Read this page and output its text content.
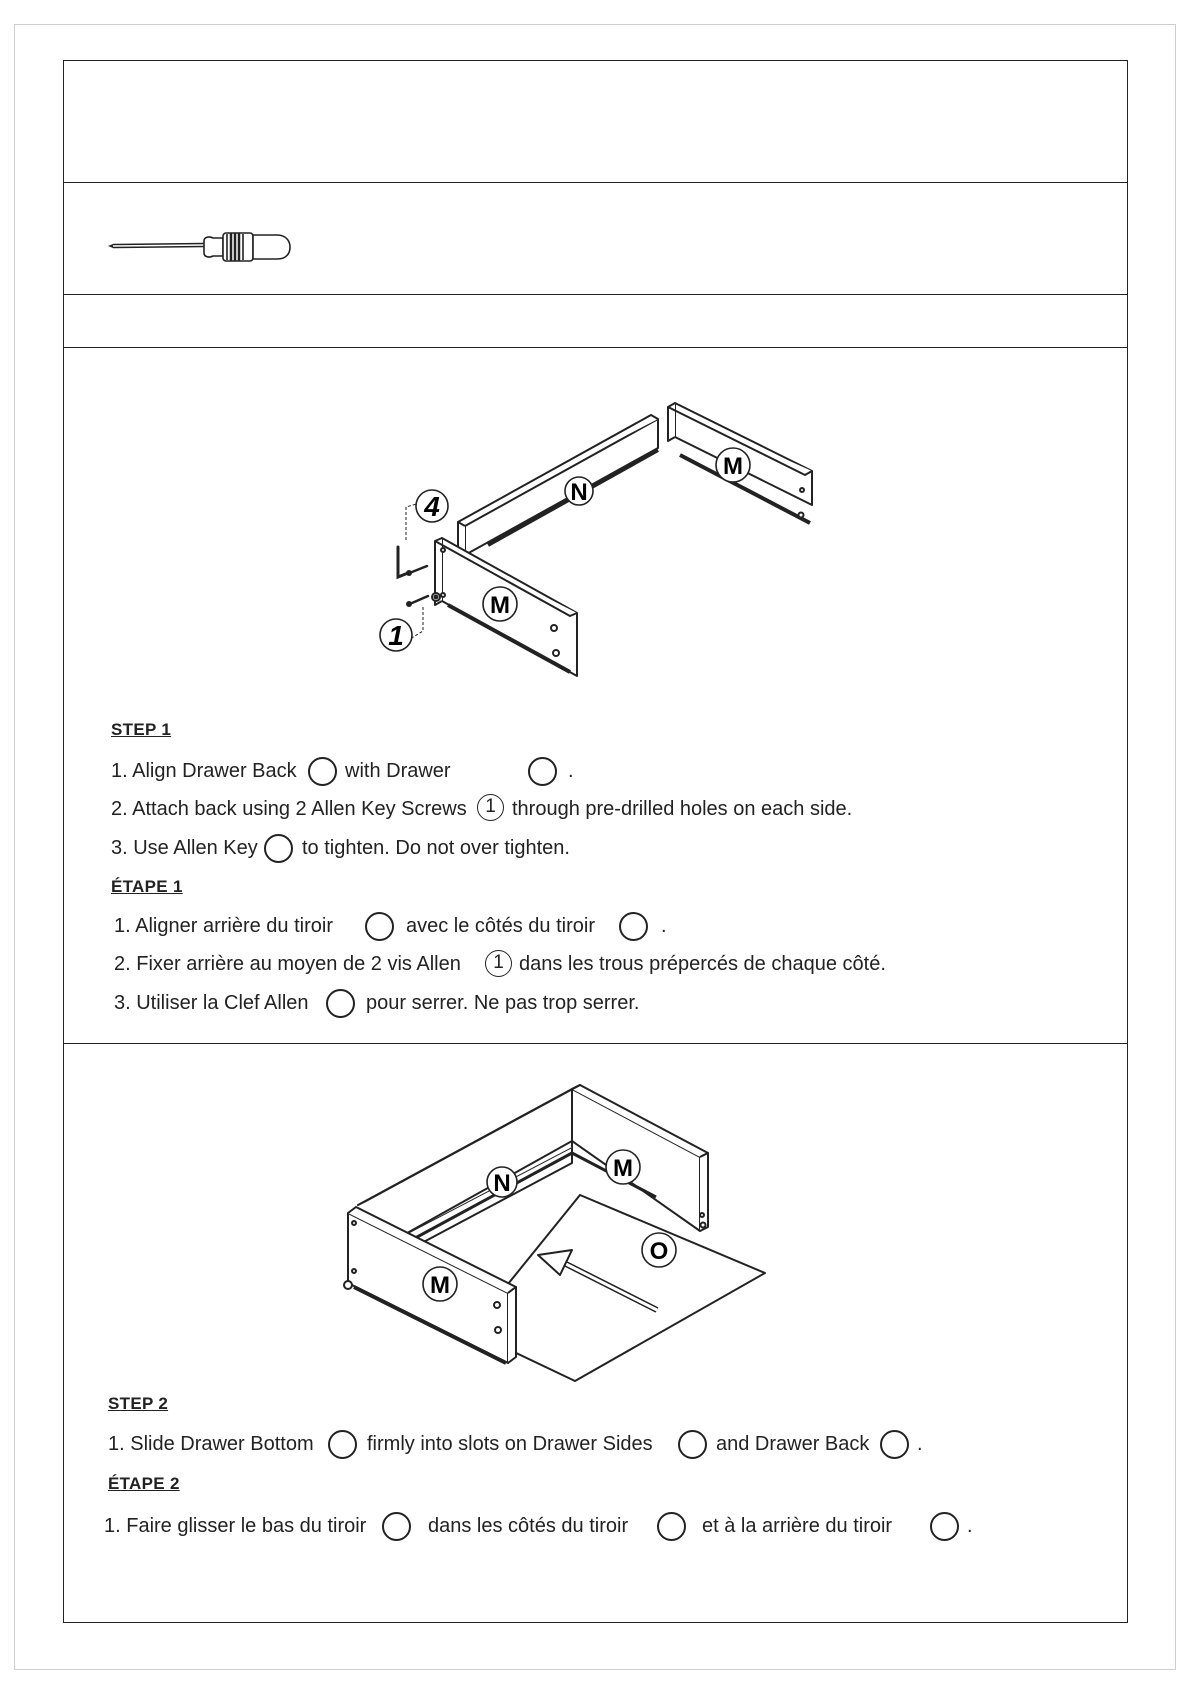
N
M
M
4
1
STEP 1
1. Align Drawer Back with Drawer	.
2. Attach back using 2 Allen Key Screws 1 through pre-drilled holes on each side.
3. Use Allen Key to tighten. Do not over tighten.
ÉTAPE 1
1. Aligner arrière du tiroir	avec le côtés du tiroir	.
2. Fixer arrière au moyen de 2 vis Allen	1 dans les trous prépercés de chaque côté.
3. Utiliser la Clef Allen	pour serrer. Ne pas trop serrer.
N
M
M
O
STEP 2
1. Slide Drawer Bottom	firmly into slots on Drawer Sides	and Drawer Back .
ÉTAPE 2
1. Faire glisser le bas du tiroir	dans les côtés du tiroir	et à la arrière du tiroir	.
